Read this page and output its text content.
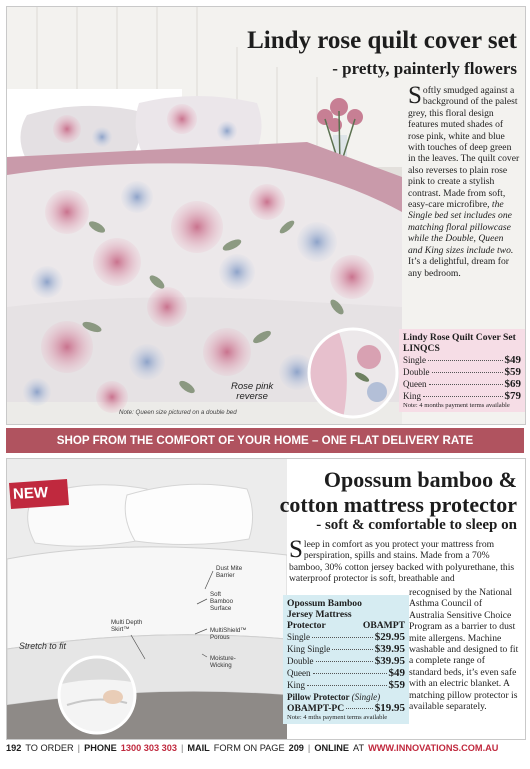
Rose pink
reverse
Note: Queen size pictured on a double bed
Lindy rose quilt cover set
- pretty, painterly flowers
Softly smudged against a background of the palest grey, this floral design features muted shades of rose pink, white and blue with touches of deep green in the leaves. The quilt cover also reverses to plain rose pink to create a stylish contrast. Made from soft, easy-care microfibre, the Single bed set includes one matching floral pillowcase while the Double, Queen and King sizes include two. It’s a delightful, dream for any bedroom.
Lindy Rose Quilt Cover Set
LINQCS
Single	$49
Double	$59
Queen	$69
King	$79
Note: 4 months payment terms available
SHOP FROM THE COMFORT OF YOUR HOME – ONE FLAT DELIVERY RATE
Stretch to fit
NEW
Dust Mite
Barrier
Soft
Bamboo
Surface
MultiShield™
Porous
Moisture-
Wicking
Multi Depth
Skirt™
Opossum bamboo &
cotton mattress protector
- soft & comfortable to sleep on
Sleep in comfort as you protect your mattress from perspiration, spills and stains. Made from a 70% bamboo, 30% cotton jersey backed with polyurethane, this waterproof protector is soft, breathable and
recognised by the National Asthma Council of Australia Sensitive Choice Program as a barrier to dust mite allergens. Machine washable and designed to fit a complete range of standard beds, it’s even safe with an electric blanket. A matching pillow protector is available separately.
Opossum Bamboo
Jersey Mattress
Protector	OBAMPT
Single	$29.95
King Single	$39.95
Double	$39.95
Queen	$49
King	$59
Pillow Protector (Single)
OBAMPT-PC	$19.95
Note: 4 mths payment terms available
192 TO ORDER | PHONE 1300 303 303 | MAIL FORM ON PAGE 209 | ONLINE AT WWW.INNOVATIONS.COM.AU
